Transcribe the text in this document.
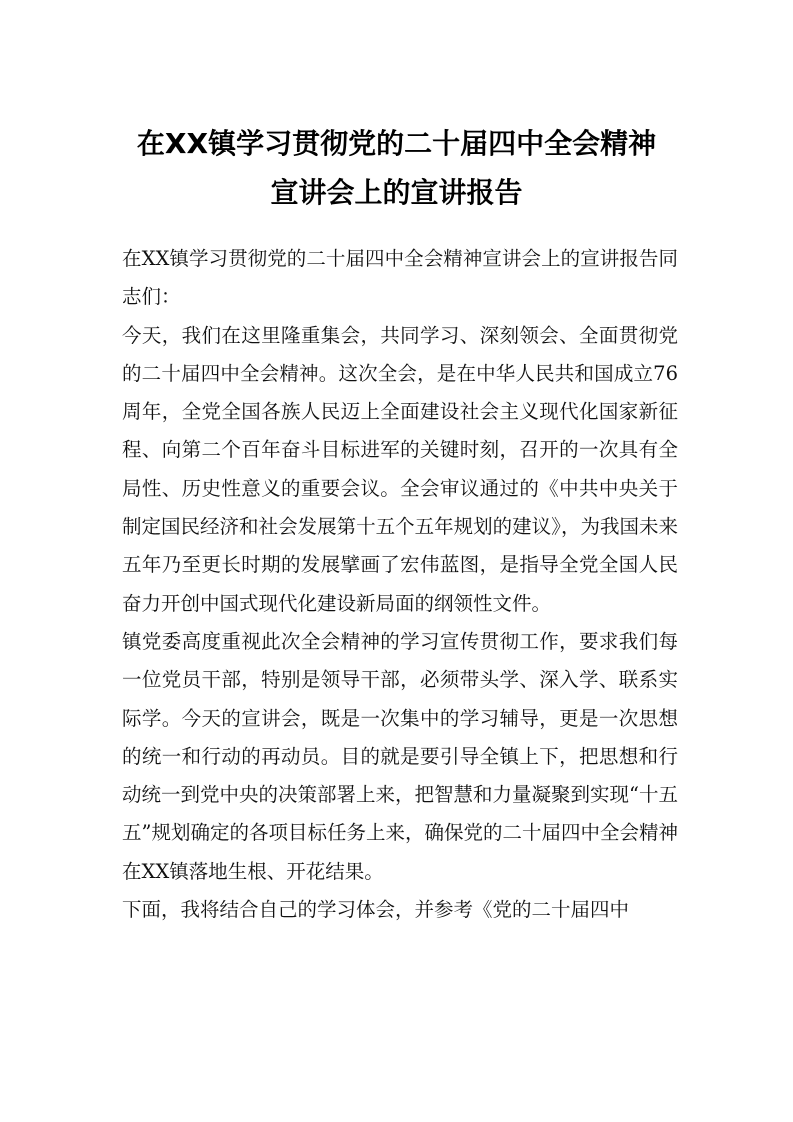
在XX镇学习贯彻党的二十届四中全会精神
宣讲会上的宣讲报告

在XX镇学习贯彻党的二十届四中全会精神宣讲会上的宣讲报告同志们：

今天，我们在这里隆重集会，共同学习、深刻领会、全面贯彻党的二十届四中全会精神。这次全会，是在中华人民共和国成立76周年，全党全国各族人民迈上全面建设社会主义现代化国家新征程、向第二个百年奋斗目标进军的关键时刻，召开的一次具有全局性、历史性意义的重要会议。全会审议通过的《中共中央关于制定国民经济和社会发展第十五个五年规划的建议》，为我国未来五年乃至更长时期的发展擘画了宏伟蓝图，是指导全党全国人民奋力开创中国式现代化建设新局面的纲领性文件。

镇党委高度重视此次全会精神的学习宣传贯彻工作，要求我们每一位党员干部，特别是领导干部，必须带头学、深入学、联系实际学。今天的宣讲会，既是一次集中的学习辅导，更是一次思想的统一和行动的再动员。目的就是要引导全镇上下，把思想和行动统一到党中央的决策部署上来，把智慧和力量凝聚到实现“十五五”规划确定的各项目标任务上来，确保党的二十届四中全会精神在XX镇落地生根、开花结果。

下面，我将结合自己的学习体会，并参考《党的二十届四中
